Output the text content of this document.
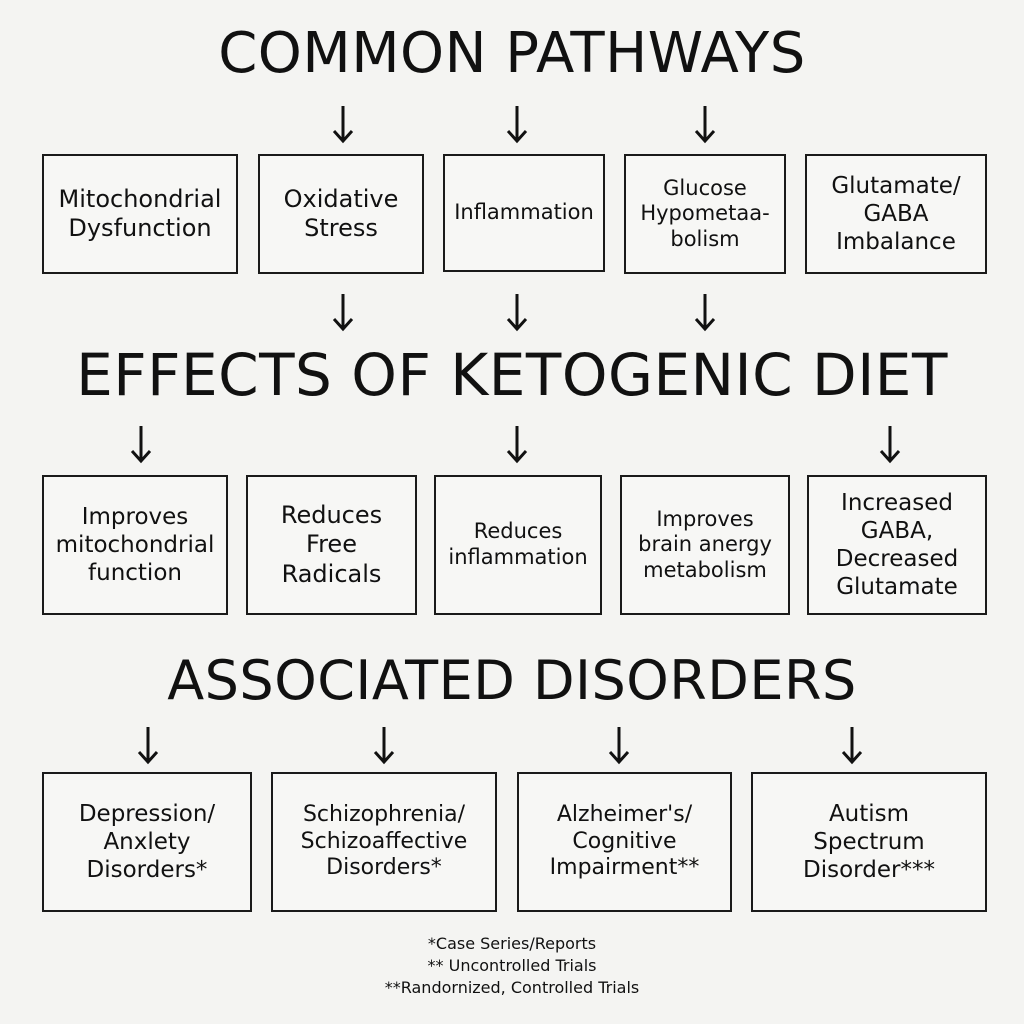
COMMON PATHWAYS
Mitochondrial
Dysfunction
Oxidative
Stress
Inflammation
Glucose
Hypometaa-
bolism
Glutamate/
GABA
Imbalance
EFFECTS OF KETOGENIC DIET
Improves
mitochondrial
function
Reduces
Free
Radicals
Reduces
inflammation
Improves
brain anergy
metabolism
Increased
GABA,
Decreased
Glutamate
ASSOCIATED DISORDERS
Depression/
Anxlety
Disorders*
Schizophrenia/
Schizoaffective
Disorders*
Alzheimer's/
Cognitive
Impairment**
Autism
Spectrum
Disorder***
*Case Series/Reports
** Uncontrolled Trials
**Randornized, Controlled Trials
